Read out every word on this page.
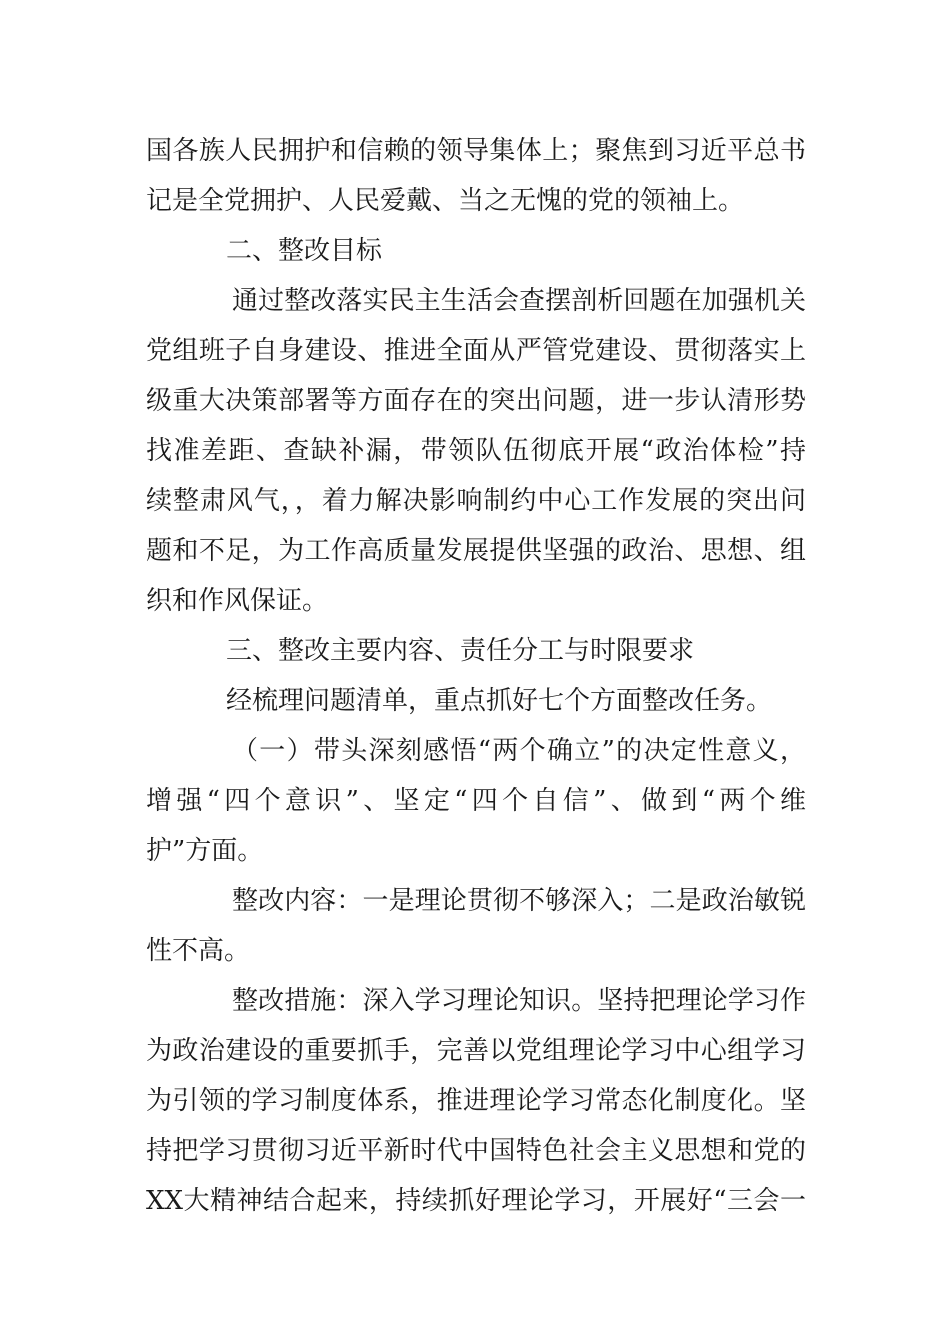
国各族人民拥护和信赖的领导集体上；聚焦到习近平总书
记是全党拥护、人民爱戴、当之无愧的党的领袖上。
二、整改目标
通过整改落实民主生活会查摆剖析回题在加强机关
党组班子自身建设、推进全面从严管党建设、贯彻落实上
级重大决策部署等方面存在的突出问题，进一步认清形势
找准差距、查缺补漏，带领队伍彻底开展“政治体检”持
续整肃风气，，着力解决影响制约中心工作发展的突出问
题和不足，为工作高质量发展提供坚强的政治、思想、组
织和作风保证。
三、整改主要内容、责任分工与时限要求
经梳理问题清单，重点抓好七个方面整改任务。
（一）带头深刻感悟“两个确立”的决定性意义，
增强“四个意识”、坚定“四个自信”、做到“两个维
护”方面。
整改内容：一是理论贯彻不够深入；二是政治敏锐
性不高。
整改措施：深入学习理论知识。坚持把理论学习作
为政治建设的重要抓手，完善以党组理论学习中心组学习
为引领的学习制度体系，推进理论学习常态化制度化。坚
持把学习贯彻习近平新时代中国特色社会主义思想和党的
XX大精神结合起来，持续抓好理论学习，开展好“三会一
